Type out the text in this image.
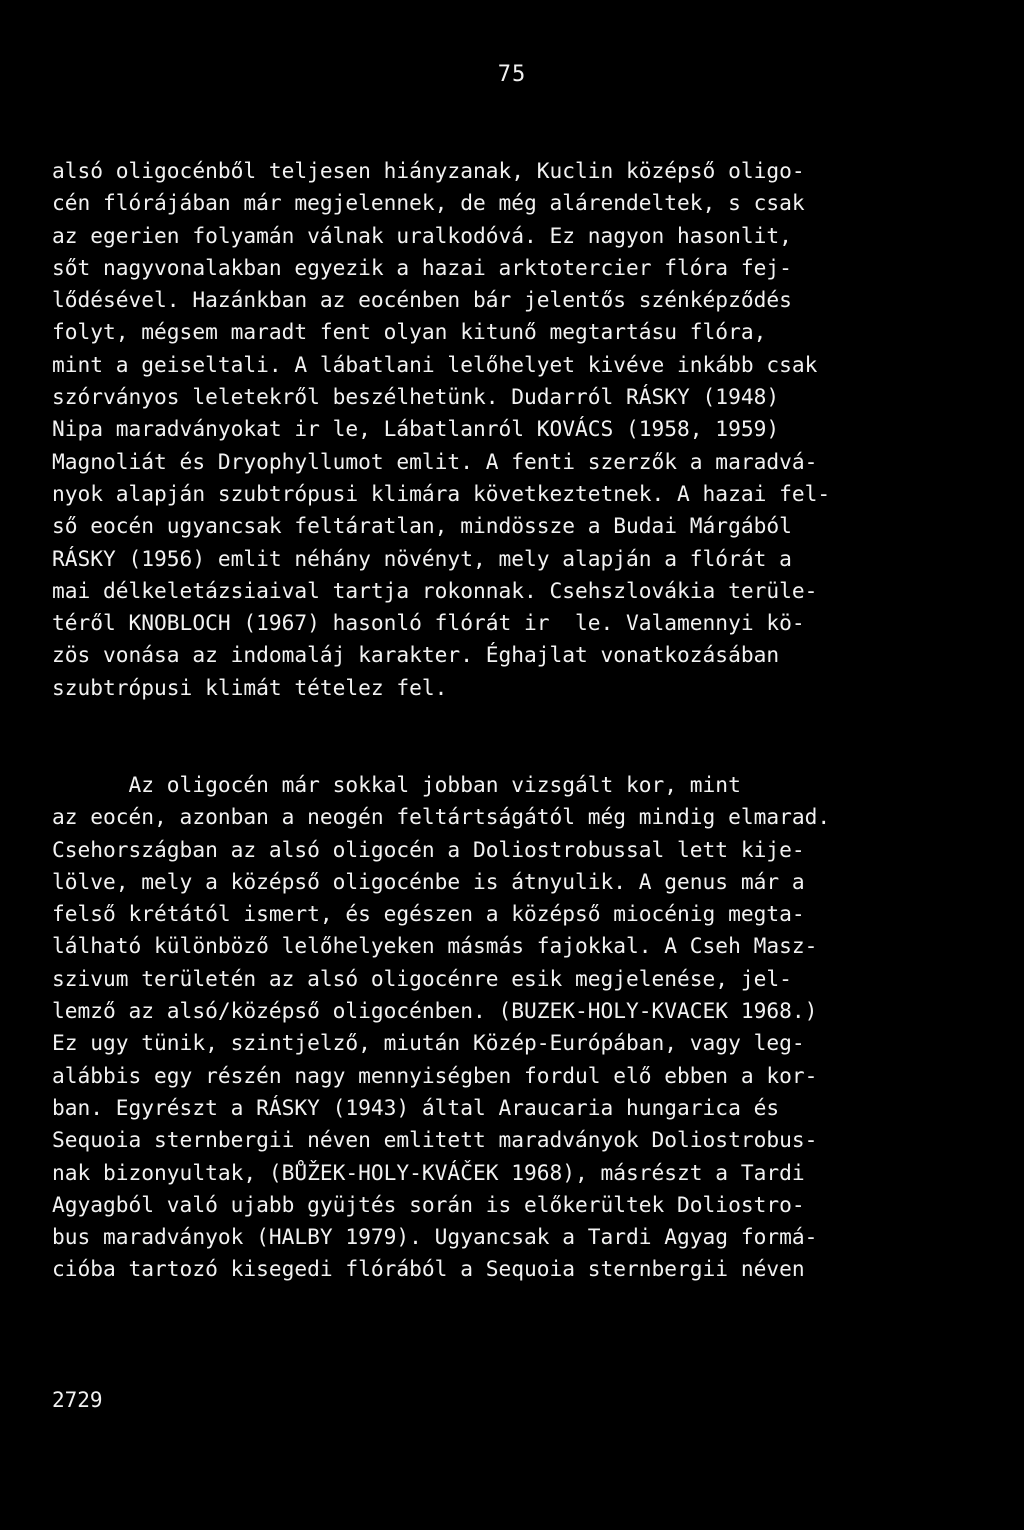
75
alsó oligocénből teljesen hiányzanak, Kuclin középső oligo-
cén flórájában már megjelennek, de még alárendeltek, s csak
az egerien folyamán válnak uralkodóvá. Ez nagyon hasonlit,
sőt nagyvonalakban egyezik a hazai arktotercier flóra fej-
lődésével. Hazánkban az eocénben bár jelentős szénképződés
folyt, mégsem maradt fent olyan kitunő megtartásu flóra,
mint a geiseltali. A lábatlani lelőhelyet kivéve inkább csak
szórványos leletekről beszélhetünk. Dudarról RÁSKY (1948)
Nipa maradványokat ir le, Lábatlanról KOVÁCS (1958, 1959)
Magnoliát és Dryophyllumot emlit. A fenti szerzők a maradvá-
nyok alapján szubtrópusi klimára következtetnek. A hazai fel-
ső eocén ugyancsak feltáratlan, mindössze a Budai Márgából
RÁSKY (1956) emlit néhány növényt, mely alapján a flórát a
mai délkeletázsiaival tartja rokonnak. Csehszlovákia terüle-
téről KNOBLOCH (1967) hasonló flórát ir  le. Valamennyi kö-
zös vonása az indomaláj karakter. Éghajlat vonatkozásában
szubtrópusi klimát tételez fel.
Az oligocén már sokkal jobban vizsgált kor, mint
az eocén, azonban a neogén feltártságától még mindig elmarad.
Csehországban az alsó oligocén a Doliostrobussal lett kije-
lölve, mely a középső oligocénbe is átnyulik. A genus már a
felső krétától ismert, és egészen a középső miocénig megta-
lálható különböző lelőhelyeken másmás fajokkal. A Cseh Masz-
szivum területén az alsó oligocénre esik megjelenése, jel-
lemző az alsó/középső oligocénben. (BUZEK-HOLY-KVACEK 1968.)
Ez ugy tünik, szintjelző, miután Közép-Európában, vagy leg-
alábbis egy részén nagy mennyiségben fordul elő ebben a kor-
ban. Egyrészt a RÁSKY (1943) által Araucaria hungarica és
Sequoia sternbergii néven emlitett maradványok Doliostrobus-
nak bizonyultak, (BŮŽEK-HOLY-KVÁČEK 1968), másrészt a Tardi
Agyagból való ujabb gyüjtés során is előkerültek Doliostro-
bus maradványok (HALBY 1979). Ugyancsak a Tardi Agyag formá-
cióba tartozó kisegedi flórából a Sequoia sternbergii néven
2729
